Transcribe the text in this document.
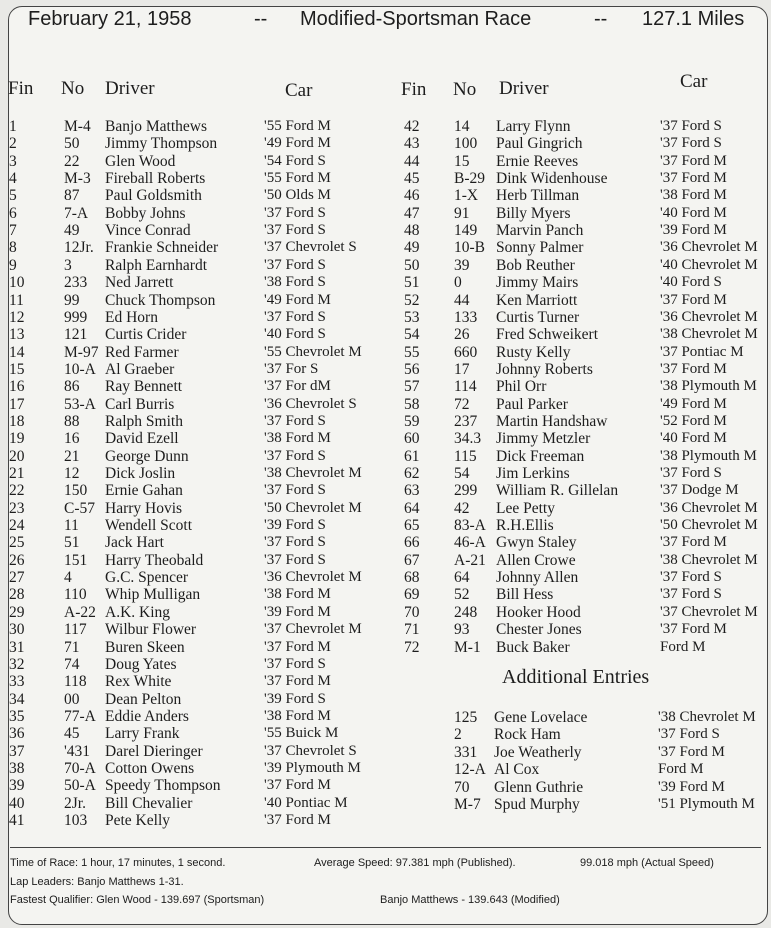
February 21, 1958	-- Modified-Sportsman Race	-- 127.1 Miles
Fin No Driver	Car	Fin No Driver	Car
1	M-4 Banjo Matthews	'55 Ford M
2	50 Jimmy Thompson	'49 Ford M
3	22 Glen Wood	'54 Ford S
4	M-3 Fireball Roberts	'55 Ford M
5	87 Paul Goldsmith	'50 Olds M
6	7-A Bobby Johns	'37 Ford S
7	49 Vince Conrad	'37 Ford S
8	12Jr. Frankie Schneider	'37 Chevrolet S
9	3 Ralph Earnhardt	'37 Ford S
10	233 Ned Jarrett	'38 Ford S
11	99 Chuck Thompson	'49 Ford M
12	999 Ed Horn	'37 Ford S
13	121 Curtis Crider	'40 Ford S
14	M-97 Red Farmer	'55 Chevrolet M
15	10-A Al Graeber	'37 For S
16	86 Ray Bennett	'37 For dM
17	53-A Carl Burris	'36 Chevrolet S
18	88 Ralph Smith	'37 Ford S
19	16 David Ezell	'38 Ford M
20	21 George Dunn	'37 Ford S
21	12 Dick Joslin	'38 Chevrolet M
22	150 Ernie Gahan	'37 Ford S
23	C-57 Harry Hovis	'50 Chevrolet M
24	11 Wendell Scott	'39 Ford S
25	51 Jack Hart	'37 Ford S
26	151 Harry Theobald	'37 Ford S
27	4 G.C. Spencer	'36 Chevrolet M
28	110 Whip Mulligan	'38 Ford M
29	A-22 A.K. King	'39 Ford M
30	117 Wilbur Flower	'37 Chevrolet M
31	71 Buren Skeen	'37 Ford M
32	74 Doug Yates	'37 Ford S
33	118 Rex White	'37 Ford M
34	00 Dean Pelton	'39 Ford S
35	77-A Eddie Anders	'38 Ford M
36	45 Larry Frank	'55 Buick M
37	'431 Darel Dieringer	'37 Chevrolet S
38	70-A Cotton Owens	'39 Plymouth M
39	50-A Speedy Thompson	'37 Ford M
40	2Jr. Bill Chevalier	'40 Pontiac M
41	103 Pete Kelly	'37 Ford M
42 14 Larry Flynn	'37 Ford S
43 100 Paul Gingrich	'37 Ford S
44 15 Ernie Reeves	'37 Ford M
45 B-29 Dink Widenhouse	'37 Ford M
46 1-X Herb Tillman	'38 Ford M
47 91 Billy Myers	'40 Ford M
48 149 Marvin Panch	'39 Ford M
49 10-B Sonny Palmer	'36 Chevrolet M
50 39 Bob Reuther	'40 Chevrolet M
51 0 Jimmy Mairs	'40 Ford S
52 44 Ken Marriott	'37 Ford M
53 133 Curtis Turner	'36 Chevrolet M
54 26 Fred Schweikert	'38 Chevrolet M
55 660 Rusty Kelly	'37 Pontiac M
56 17 Johnny Roberts	'37 Ford M
57 114 Phil Orr	'38 Plymouth M
58 72 Paul Parker	'49 Ford M
59 237 Martin Handshaw	'52 Ford M
60 34.3 Jimmy Metzler	'40 Ford M
61 115 Dick Freeman	'38 Plymouth M
62 54 Jim Lerkins	'37 Ford S
63 299 William R. Gillelan	'37 Dodge M
64 42 Lee Petty	'36 Chevrolet M
65 83-A R.H.Ellis	'50 Chevrolet M
66 46-A Gwyn Staley	'37 Ford M
67 A-21 Allen Crowe	'38 Chevrolet M
68 64 Johnny Allen	'37 Ford S
69 52 Bill Hess	'37 Ford S
70 248 Hooker Hood	'37 Chevrolet M
71 93 Chester Jones	'37 Ford M
72 M-1 Buck Baker	Ford M
125 Gene Lovelace	'38 Chevrolet M
2 Rock Ham	'37 Ford S
331 Joe Weatherly	'37 Ford M
12-A Al Cox	Ford M
70 Glenn Guthrie	'39 Ford M
M-7 Spud Murphy	'51 Plymouth M
Additional Entries
Time of Race: 1 hour, 17 minutes, 1 second.	Average Speed: 97.381 mph (Published).	99.018 mph (Actual Speed)
Lap Leaders: Banjo Matthews 1-31.
Fastest Qualifier: Glen Wood - 139.697 (Sportsman)	Banjo Matthews - 139.643 (Modified)
